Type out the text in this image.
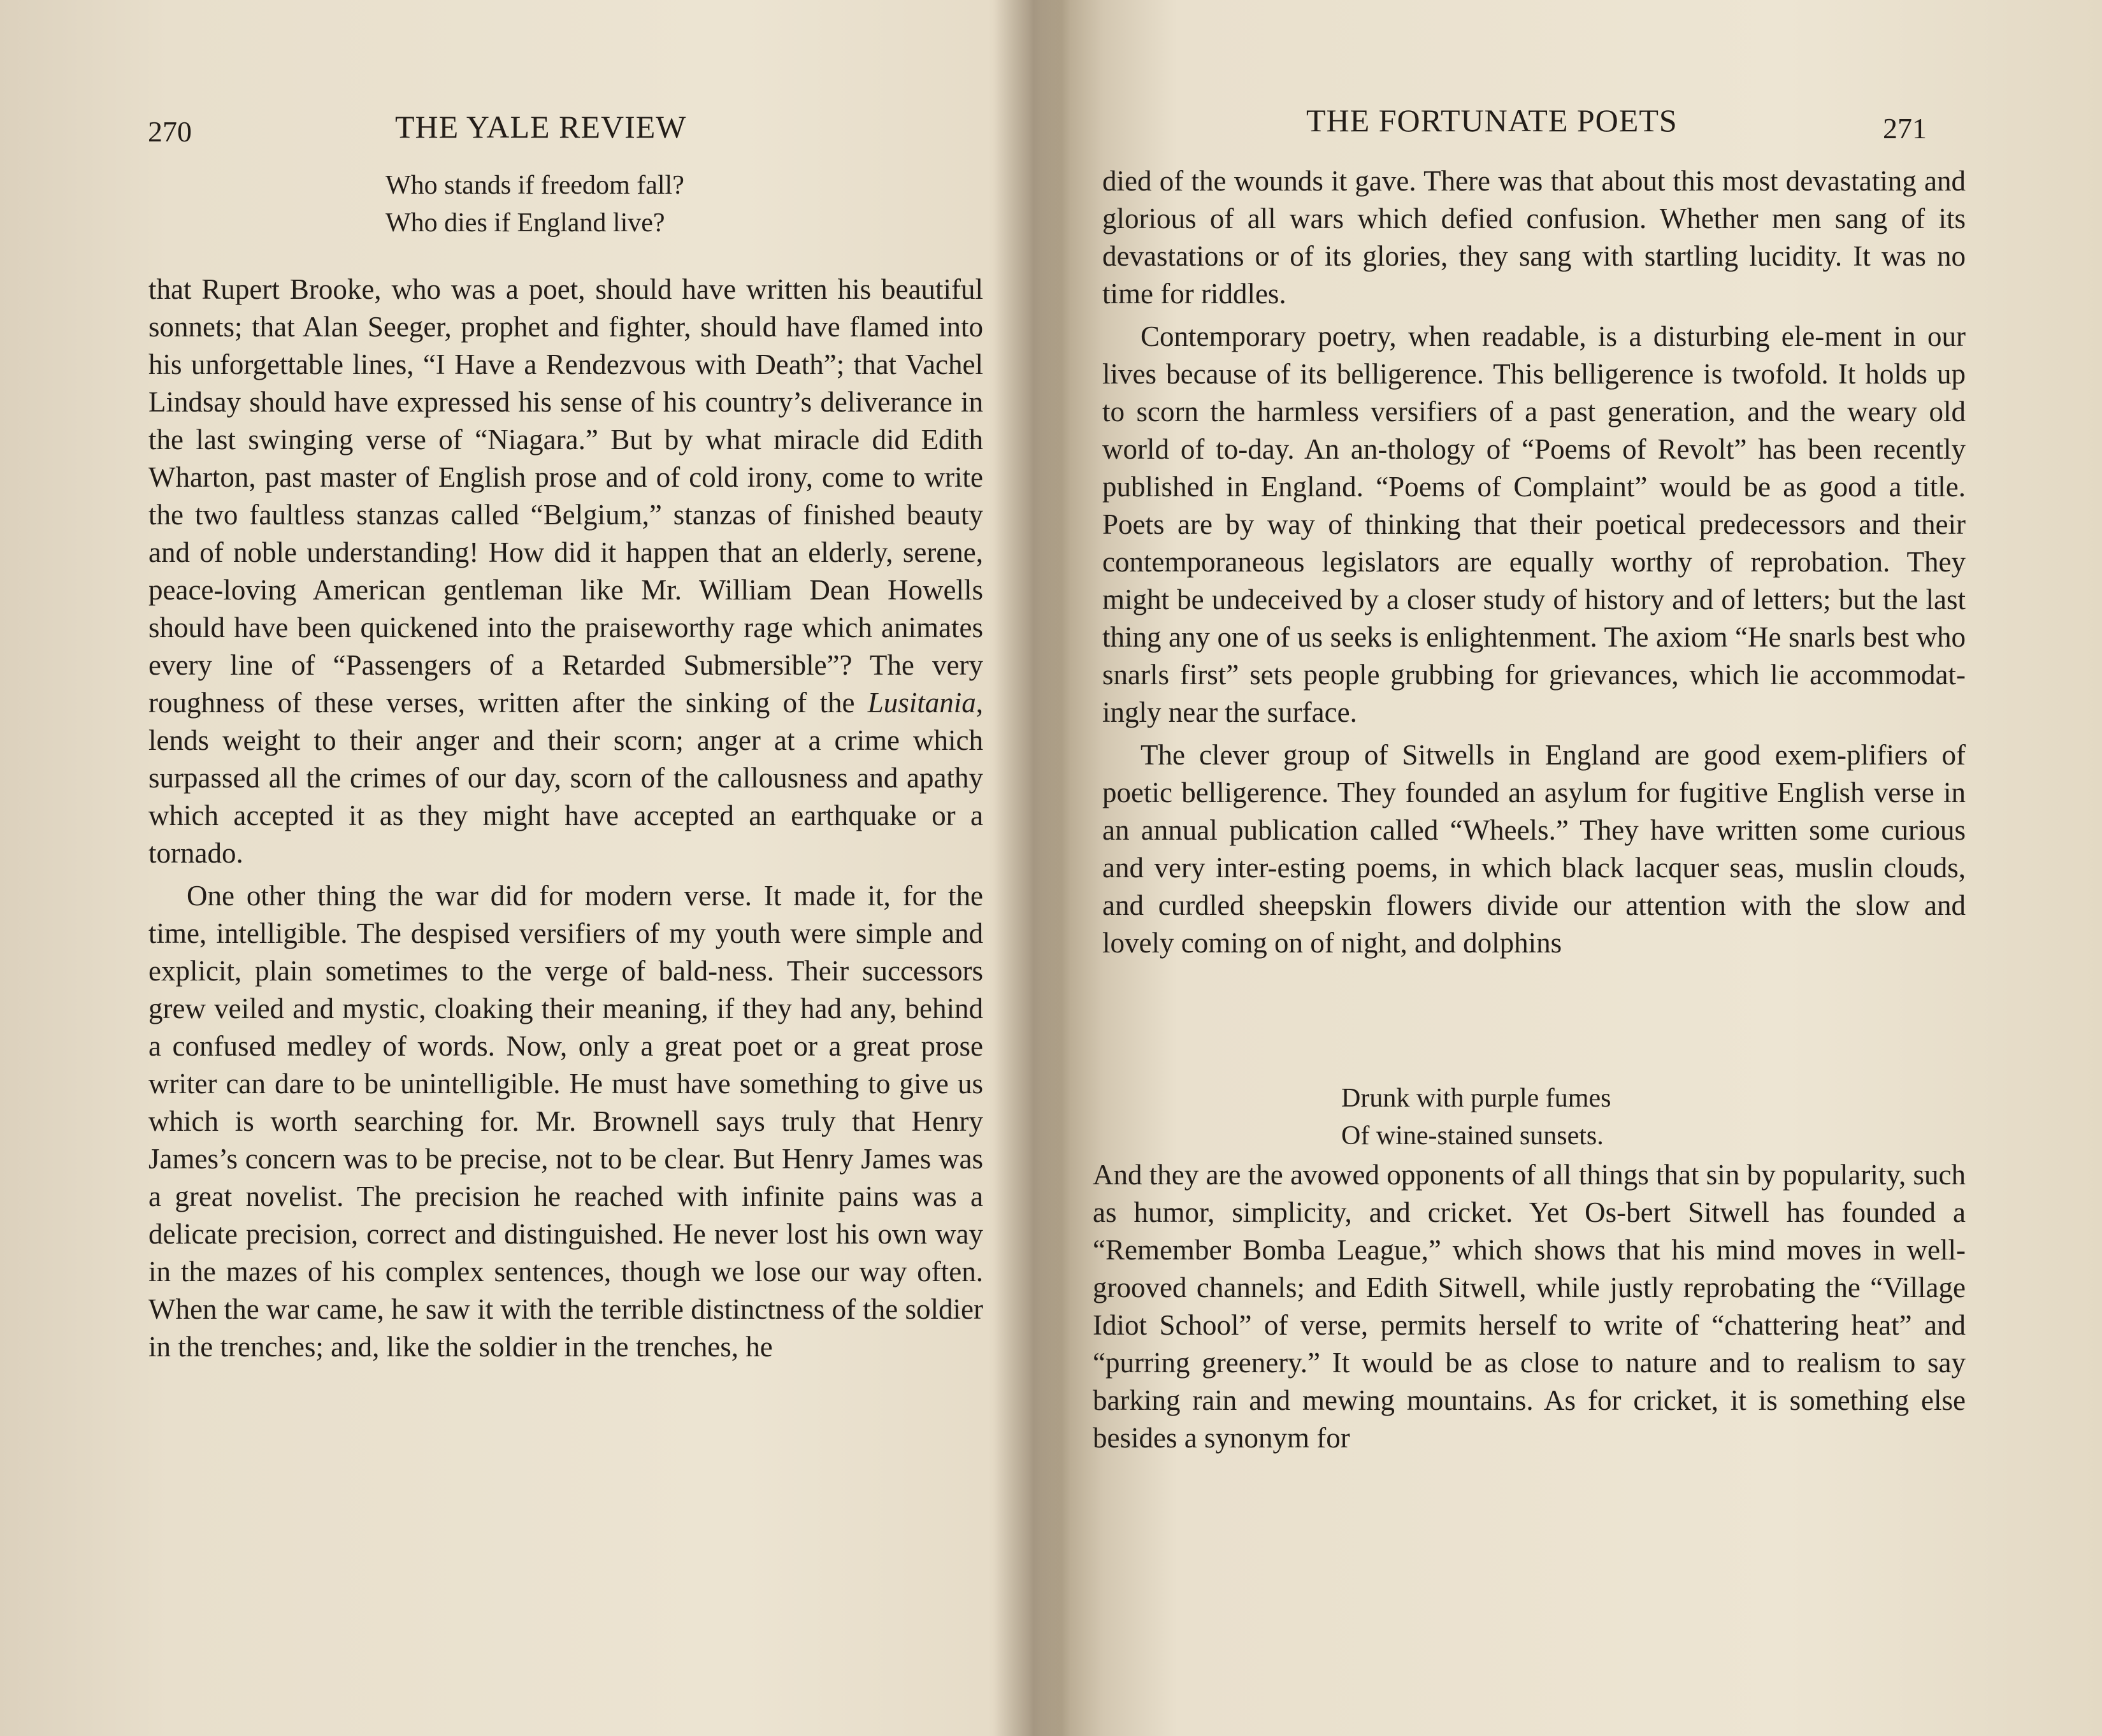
270	THE YALE REVIEW
Who stands if freedom fall?
Who dies if England live?

that Rupert Brooke, who was a poet, should have written his beautiful sonnets; that Alan Seeger, prophet and fighter, should have flamed into his unforgettable lines, “I Have a Rendezvous with Death”; that Vachel Lindsay should have expressed his sense of his country’s deliverance in the last swinging verse of “Niagara.” But by what miracle did Edith Wharton, past master of English prose and of cold irony, come to write the two faultless stanzas called “Belgium,” stanzas of finished beauty and of noble understanding! How did it happen that an elderly, serene, peace-loving American gentleman like Mr. William Dean Howells should have been quickened into the praiseworthy rage which animates every line of “Passengers of a Retarded Submersible”? The very roughness of these verses, written after the sinking of the Lusitania, lends weight to their anger and their scorn; anger at a crime which surpassed all the crimes of our day, scorn of the callousness and apathy which accepted it as they might have accepted an earthquake or a tornado.

One other thing the war did for modern verse. It made it, for the time, intelligible. The despised versifiers of my youth were simple and explicit, plain sometimes to the verge of bald-ness. Their successors grew veiled and mystic, cloaking their meaning, if they had any, behind a confused medley of words. Now, only a great poet or a great prose writer can dare to be unintelligible. He must have something to give us which is worth searching for. Mr. Brownell says truly that Henry James’s concern was to be precise, not to be clear. But Henry James was a great novelist. The precision he reached with infinite pains was a delicate precision, correct and distinguished. He never lost his own way in the mazes of his complex sentences, though we lose our way often. When the war came, he saw it with the terrible distinctness of the soldier in the trenches; and, like the soldier in the trenches, he

THE FORTUNATE POETS	271

died of the wounds it gave. There was that about this most devastating and glorious of all wars which defied confusion. Whether men sang of its devastations or of its glories, they sang with startling lucidity. It was no time for riddles.

Contemporary poetry, when readable, is a disturbing ele-ment in our lives because of its belligerence. This belligerence is twofold. It holds up to scorn the harmless versifiers of a past generation, and the weary old world of to-day. An an-thology of “Poems of Revolt” has been recently published in England. “Poems of Complaint” would be as good a title. Poets are by way of thinking that their poetical predecessors and their contemporaneous legislators are equally worthy of reprobation. They might be undeceived by a closer study of history and of letters; but the last thing any one of us seeks is enlightenment. The axiom “He snarls best who snarls first” sets people grubbing for grievances, which lie accommodat-ingly near the surface.

The clever group of Sitwells in England are good exem-plifiers of poetic belligerence. They founded an asylum for fugitive English verse in an annual publication called “Wheels.” They have written some curious and very inter-esting poems, in which black lacquer seas, muslin clouds, and curdled sheepskin flowers divide our attention with the slow and lovely coming on of night, and dolphins

Drunk with purple fumes
Of wine-stained sunsets.

And they are the avowed opponents of all things that sin by popularity, such as humor, simplicity, and cricket. Yet Os-bert Sitwell has founded a “Remember Bomba League,” which shows that his mind moves in well-grooved channels; and Edith Sitwell, while justly reprobating the “Village Idiot School” of verse, permits herself to write of “chattering heat” and “purring greenery.” It would be as close to nature and to realism to say barking rain and mewing mountains. As for cricket, it is something else besides a synonym for
